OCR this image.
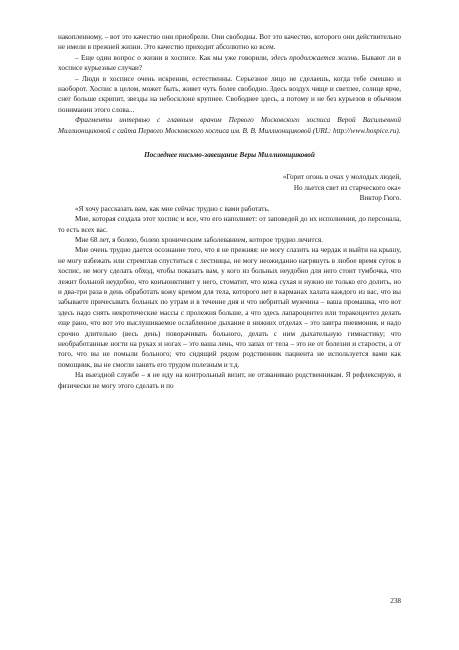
накопленному, – вот это качество они приобрели. Они свободны. Вот это качество, которого они действительно не имели в прежней жизни. Это качество приходит абсолютно ко всем.

– Еще один вопрос о жизни в хосписе. Как мы уже говорили, здесь продолжается жизнь. Бывают ли в хосписе курьезные случаи?

– Люди в хосписе очень искренни, естественны. Серьезное лицо не сделаешь, когда тебе смешно и наоборот. Хоспис в целом, может быть, живет чуть более свободно. Здесь воздух чище и светлее, солнце ярче, снег больше скрипит, звезды на небосклоне крупнее. Свободнее здесь, а потому и не без курьезов в обычном понимании этого слова...

Фрагменты интервью с главным врачом Первого Московского хосписа Верой Васильевной Миллионщиковой с сайта Первого Московского хосписа им. В. В. Миллионщиковой (URL: http://www.hospice.ru).

Последнее письмо-завещание Веры Миллионщиковой

«Горит огонь в очах у молодых людей,
Но льется свет из старческого ока»
Виктор Гюго.

«Я хочу рассказать вам, как мне сейчас трудно с вами работать.

Мне, которая создала этот хоспис и все, что его наполняет: от заповедей до их исполнения, до персонала, то есть всех вас.

Мне 68 лет, я болею, болею хроническим заболеванием, которое трудно лечится.

Мне очень трудно дается осознание того, что я не прежняя: не могу слазить на чердак и выйти на крышу, не могу взбежать или стремглав спуститься с лестницы, не могу неожиданно нагрянуть в любое время суток в хоспис, не могу сделать обход, чтобы показать вам, у кого из больных неудобно для него стоит тумбочка, что лежит больной неудобно, что конъюнктивит у него, стоматит, что кожа сухая и нужно не только его долить, но и два-три раза в день обработать кожу кремом для тела, которого нет в карманах халата каждого из вас, что вы забываете причесывать больных по утрам и в течение дня и что небритый мужчина – ваша промашка, что вот здесь надо снять некротические массы с пролежня больше, а что здесь лапароцентез или торакоцентез делать еще рано, что вот это выслушиваемое ослабленное дыхание в нижних отделах – это завтра пневмония, и надо срочно длительно (весь день) поворачивать больного, делать с ним дыхательную гимнастику; что необработанные ногти на руках и ногах – это ваша лень, что запах от тела – это не от болезни и старости, а от того, что вы не помыли больного; что сидящий рядом родственник пациента не используется вами как помощник, вы не смогли занять его трудом полезным и т.д.

На выездной службе – я не иду на контрольный визит, не отзваниваю родственникам. Я рефлексирую, я физически не могу этого сделать и по

238
